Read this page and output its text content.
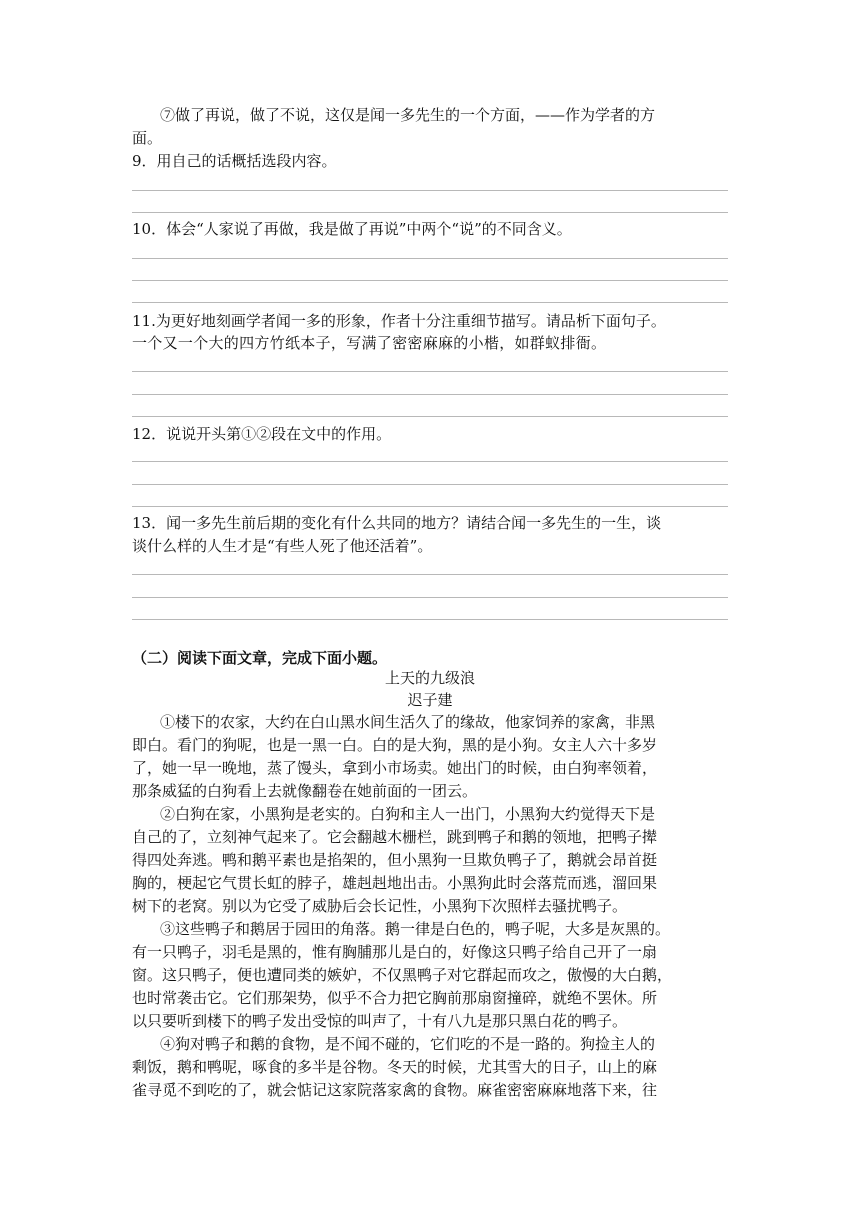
⑦做了再说，做了不说，这仅是闻一多先生的一个方面，——作为学者的方
面。
9．用自己的话概括选段内容。
10．体会“人家说了再做，我是做了再说”中两个“说”的不同含义。
11.为更好地刻画学者闻一多的形象，作者十分注重细节描写。请品析下面句子。
一个又一个大的四方竹纸本子，写满了密密麻麻的小楷，如群蚁排衙。
12．说说开头第①②段在文中的作用。
13．闻一多先生前后期的变化有什么共同的地方？请结合闻一多先生的一生，谈
谈什么样的人生才是“有些人死了他还活着”。
（二）阅读下面文章，完成下面小题。
上天的九级浪
迟子建
①楼下的农家，大约在白山黑水间生活久了的缘故，他家饲养的家禽，非黑
即白。看门的狗呢，也是一黑一白。白的是大狗，黑的是小狗。女主人六十多岁
了，她一早一晚地，蒸了馒头，拿到小市场卖。她出门的时候，由白狗率领着，
那条威猛的白狗看上去就像翻卷在她前面的一团云。
②白狗在家，小黑狗是老实的。白狗和主人一出门，小黑狗大约觉得天下是
自己的了，立刻神气起来了。它会翻越木栅栏，跳到鸭子和鹅的领地，把鸭子撵
得四处奔逃。鸭和鹅平素也是掐架的，但小黑狗一旦欺负鸭子了，鹅就会昂首挺
胸的，梗起它气贯长虹的脖子，雄赳赳地出击。小黑狗此时会落荒而逃，溜回果
树下的老窝。别以为它受了威胁后会长记性，小黑狗下次照样去骚扰鸭子。
③这些鸭子和鹅居于园田的角落。鹅一律是白色的，鸭子呢，大多是灰黑的。
有一只鸭子，羽毛是黑的，惟有胸脯那儿是白的，好像这只鸭子给自己开了一扇
窗。这只鸭子，便也遭同类的嫉妒，不仅黑鸭子对它群起而攻之，傲慢的大白鹅，
也时常袭击它。它们那架势，似乎不合力把它胸前那扇窗撞碎，就绝不罢休。所
以只要听到楼下的鸭子发出受惊的叫声了，十有八九是那只黑白花的鸭子。
④狗对鸭子和鹅的食物，是不闻不碰的，它们吃的不是一路的。狗捡主人的
剩饭，鹅和鸭呢，啄食的多半是谷物。冬天的时候，尤其雪大的日子，山上的麻
雀寻觅不到吃的了，就会惦记这家院落家禽的食物。麻雀密密麻麻地落下来，往
